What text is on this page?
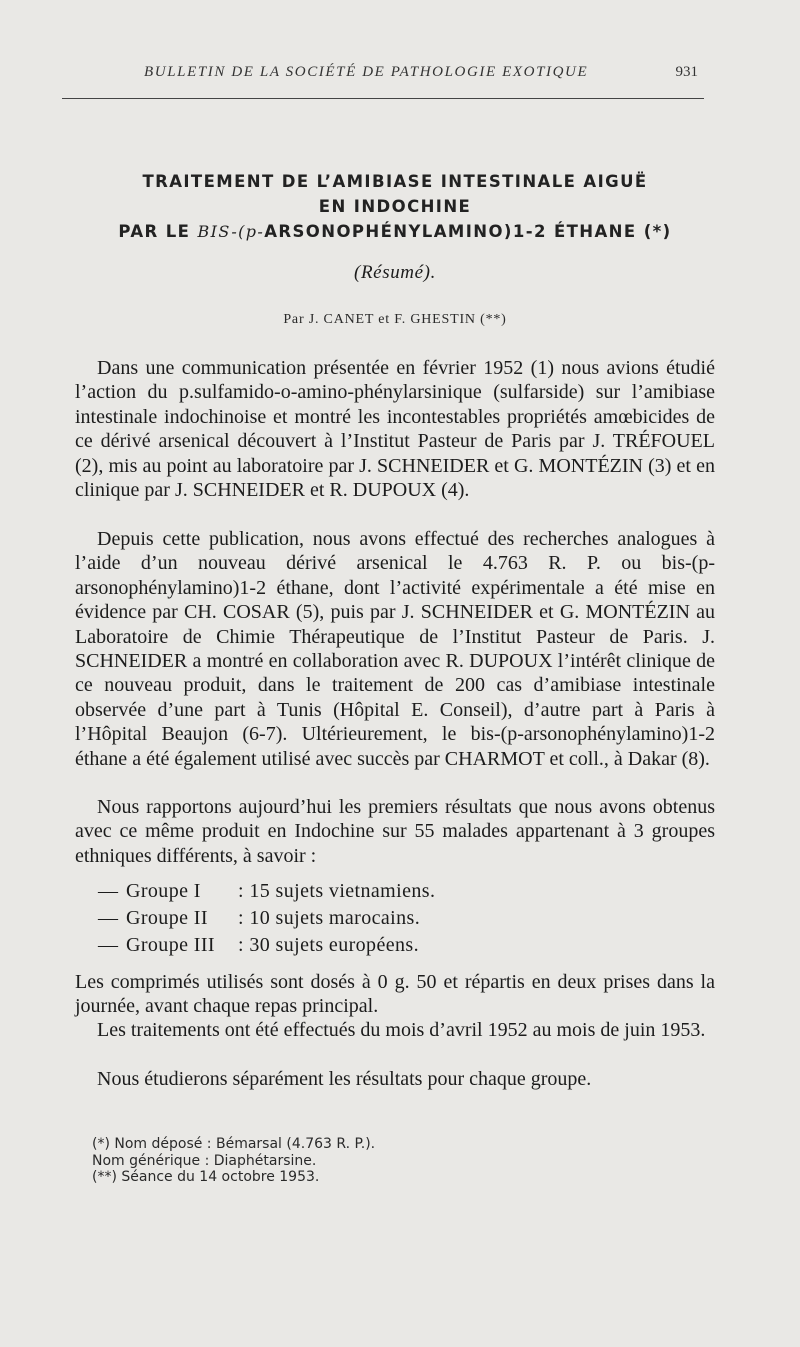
BULLETIN DE LA SOCIÉTÉ DE PATHOLOGIE EXOTIQUE	931
TRAITEMENT DE L’AMIBIASE INTESTINALE AIGUË
EN INDOCHINE
PAR LE BIS-(p-ARSONOPHÉNYLAMINO)1-2 ÉTHANE (*)
(Résumé).
Par J. CANET et F. GHESTIN (**)

Dans une communication présentée en février 1952 (1) nous avions étudié l’action du p.sulfamido-o-amino-phénylarsinique (sulfarside) sur l’amibiase intestinale indochinoise et montré les incontestables propriétés amœbicides de ce dérivé arsenical découvert à l’Institut Pasteur de Paris par J. TRÉFOUEL (2), mis au point au laboratoire par J. SCHNEIDER et G. MONTÉZIN (3) et en clinique par J. SCHNEIDER et R. DUPOUX (4).

Depuis cette publication, nous avons effectué des recherches analogues à l’aide d’un nouveau dérivé arsenical le 4.763 R. P. ou bis-(p-arsonophénylamino)1-2 éthane, dont l’activité expérimentale a été mise en évidence par CH. COSAR (5), puis par J. SCHNEIDER et G. MONTÉZIN au Laboratoire de Chimie Thérapeutique de l’Institut Pasteur de Paris. J. SCHNEIDER a montré en collaboration avec R. DUPOUX l’intérêt clinique de ce nouveau produit, dans le traitement de 200 cas d’amibiase intestinale observée d’une part à Tunis (Hôpital E. Conseil), d’autre part à Paris à l’Hôpital Beaujon (6-7). Ultérieurement, le bis-(p-arsonophénylamino)1-2 éthane a été également utilisé avec succès par CHARMOT et coll., à Dakar (8).

Nous rapportons aujourd’hui les premiers résultats que nous avons obtenus avec ce même produit en Indochine sur 55 malades appartenant à 3 groupes ethniques différents, à savoir :

— Groupe I	: 15 sujets vietnamiens.
— Groupe II	: 10 sujets marocains.
— Groupe III	: 30 sujets européens.

Les comprimés utilisés sont dosés à 0 g. 50 et répartis en deux prises dans la journée, avant chaque repas principal.

Les traitements ont été effectués du mois d’avril 1952 au mois de juin 1953.

Nous étudierons séparément les résultats pour chaque groupe.

(*) Nom déposé : Bémarsal (4.763 R. P.).
Nom générique : Diaphétarsine.
(**) Séance du 14 octobre 1953.
